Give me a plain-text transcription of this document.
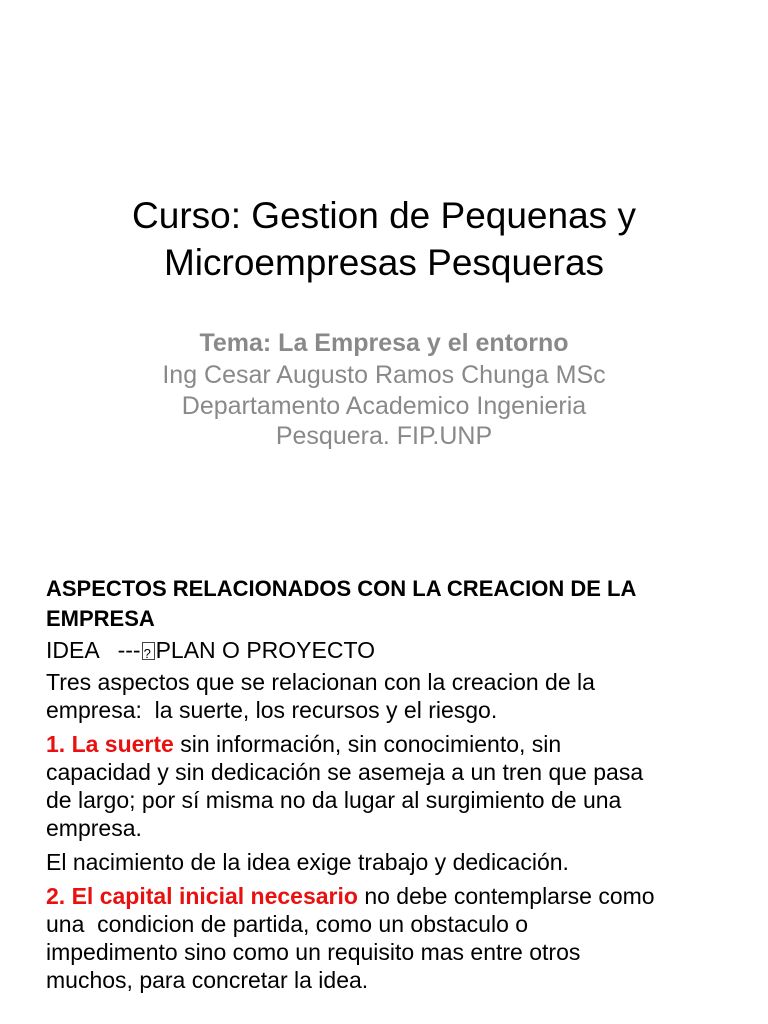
Curso: Gestion de Pequenas y
Microempresas Pesqueras
Tema: La Empresa y el entorno
Ing Cesar Augusto Ramos Chunga MSc
Departamento Academico Ingenieria
Pesquera. FIP.UNP
ASPECTOS RELACIONADOS CON LA CREACION DE LA
EMPRESA
IDEA   ---? PLAN O PROYECTO
Tres aspectos que se relacionan con la creacion de la
empresa:  la suerte, los recursos y el riesgo.
1. La suerte sin información, sin conocimiento, sin
capacidad y sin dedicación se asemeja a un tren que pasa
de largo; por sí misma no da lugar al surgimiento de una
empresa.
El nacimiento de la idea exige trabajo y dedicación.
2. El capital inicial necesario no debe contemplarse como
una  condicion de partida, como un obstaculo o
impedimento sino como un requisito mas entre otros
muchos, para concretar la idea.
